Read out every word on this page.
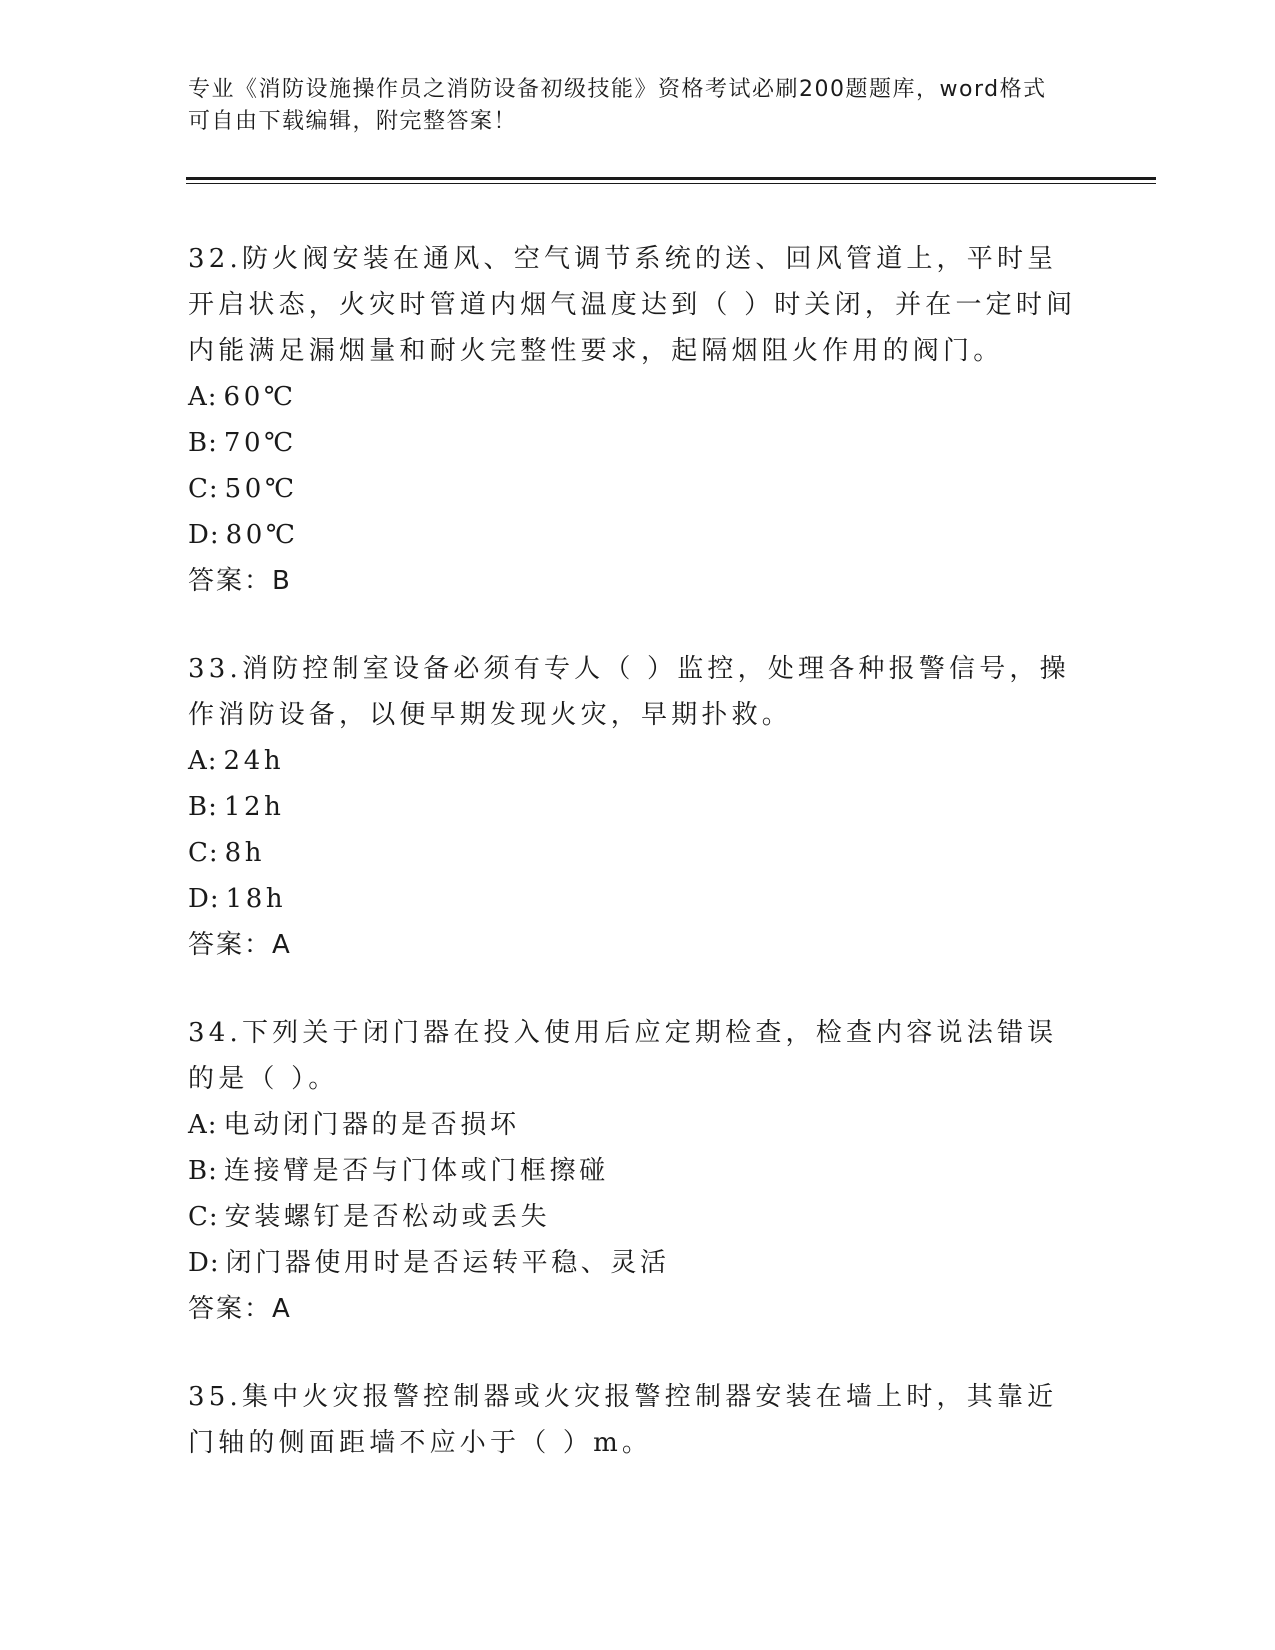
专业《消防设施操作员之消防设备初级技能》资格考试必刷200题题库，word格式可自由下载编辑，附完整答案！

32.防火阀安装在通风、空气调节系统的送、回风管道上，平时呈开启状态，火灾时管道内烟气温度达到（ ）时关闭，并在一定时间内能满足漏烟量和耐火完整性要求，起隔烟阻火作用的阀门。

A: 60℃
B: 70℃
C: 50℃
D: 80℃
答案：B

33.消防控制室设备必须有专人（ ）监控，处理各种报警信号，操作消防设备，以便早期发现火灾，早期扑救。

A: 24h
B: 12h
C: 8h
D: 18h
答案：A

34.下列关于闭门器在投入使用后应定期检查，检查内容说法错误的是（ ）。

A: 电动闭门器的是否损坏
B: 连接臂是否与门体或门框擦碰
C: 安装螺钉是否松动或丢失
D: 闭门器使用时是否运转平稳、灵活
答案：A

35.集中火灾报警控制器或火灾报警控制器安装在墙上时，其靠近门轴的侧面距墙不应小于（ ）m。
